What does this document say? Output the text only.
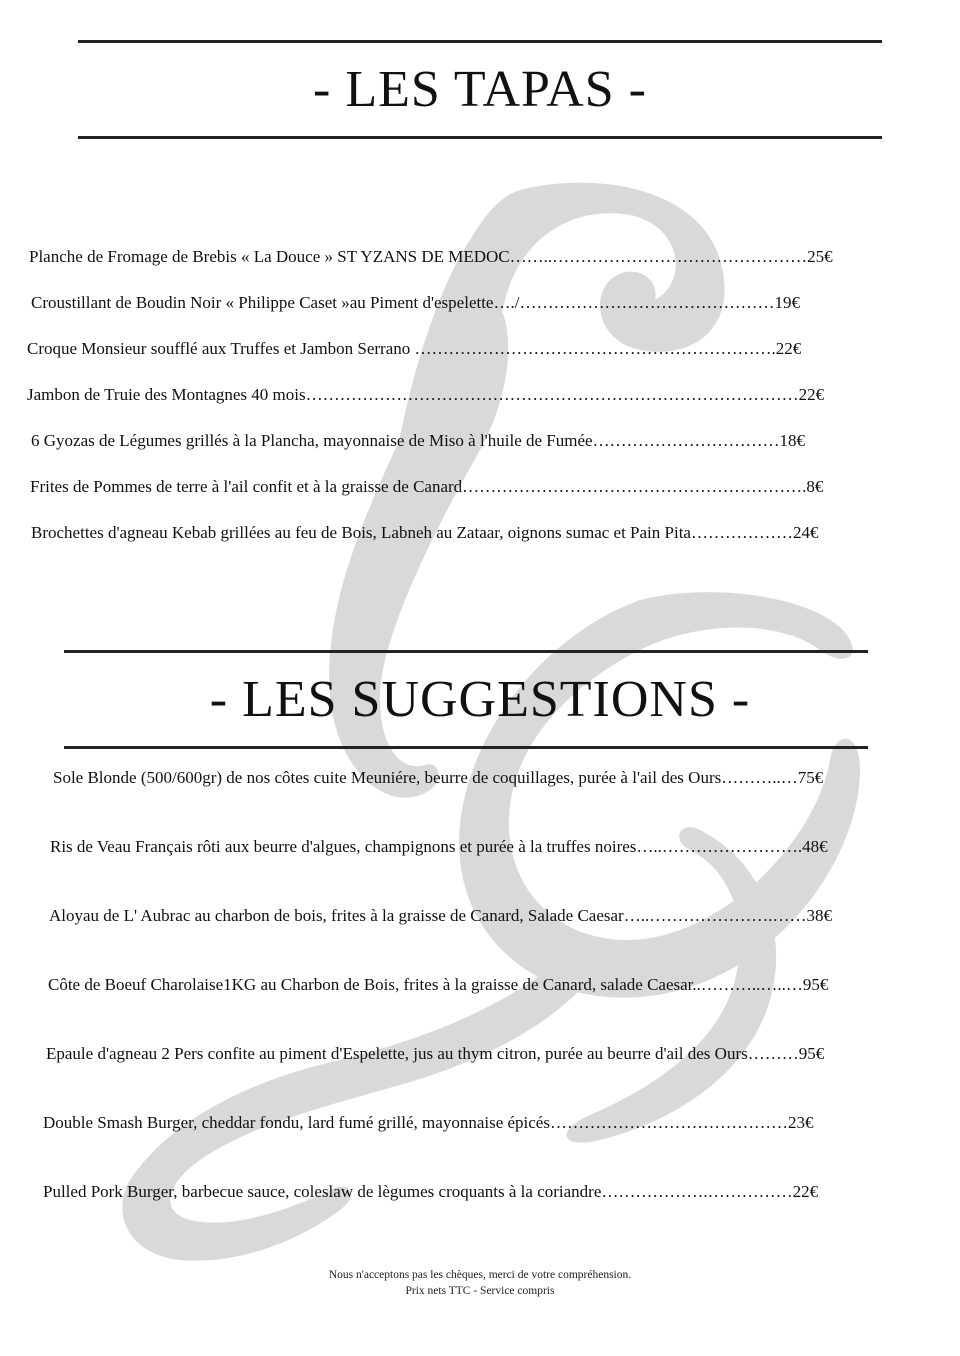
- LES TAPAS -
Planche de Fromage de Brebis « La Douce » ST YZANS DE MEDOC……..………………………………………25€
Croustillant de Boudin Noir « Philippe Caset »au Piment d'espelette…./………………………………………19€
Croque Monsieur soufflé aux Truffes et Jambon Serrano ……………………………………………………….22€
Jambon de Truie des Montagnes 40 mois……………………………………………………………………………22€
6 Gyozas de Légumes grillés à la Plancha, mayonnaise de Miso à l'huile de Fumée……………………………18€
Frites de Pommes de terre à l'ail confit et à la graisse de Canard…………………………………………………….8€
Brochettes d'agneau Kebab grillées au feu de Bois, Labneh au Zataar, oignons sumac et Pain Pita………………24€
- LES SUGGESTIONS -
Sole Blonde (500/600gr) de nos côtes cuite Meuniére, beurre de coquillages, purée à l'ail des Ours………..…75€
Ris de Veau Français rôti aux beurre d'algues, champignons et purée à la truffes noires…..…………………….48€
Aloyau de L' Aubrac au charbon de bois, frites à la graisse de Canard, Salade Caesar…..………………….……38€
Côte de Boeuf Charolaise1KG au Charbon de Bois, frites à la graisse de Canard, salade Caesar..………..…..…95€
Epaule d'agneau 2 Pers confite au piment d'Espelette, jus au thym citron, purée au beurre d'ail des Ours………95€
Double Smash Burger, cheddar fondu, lard fumé grillé, mayonnaise épicés……………………………………23€
Pulled Pork Burger, barbecue sauce, coleslaw de lègumes croquants à la coriandre……………….……………22€
Nous n'acceptons pas les chèques, merci de votre compréhension.
Prix nets TTC - Service compris
